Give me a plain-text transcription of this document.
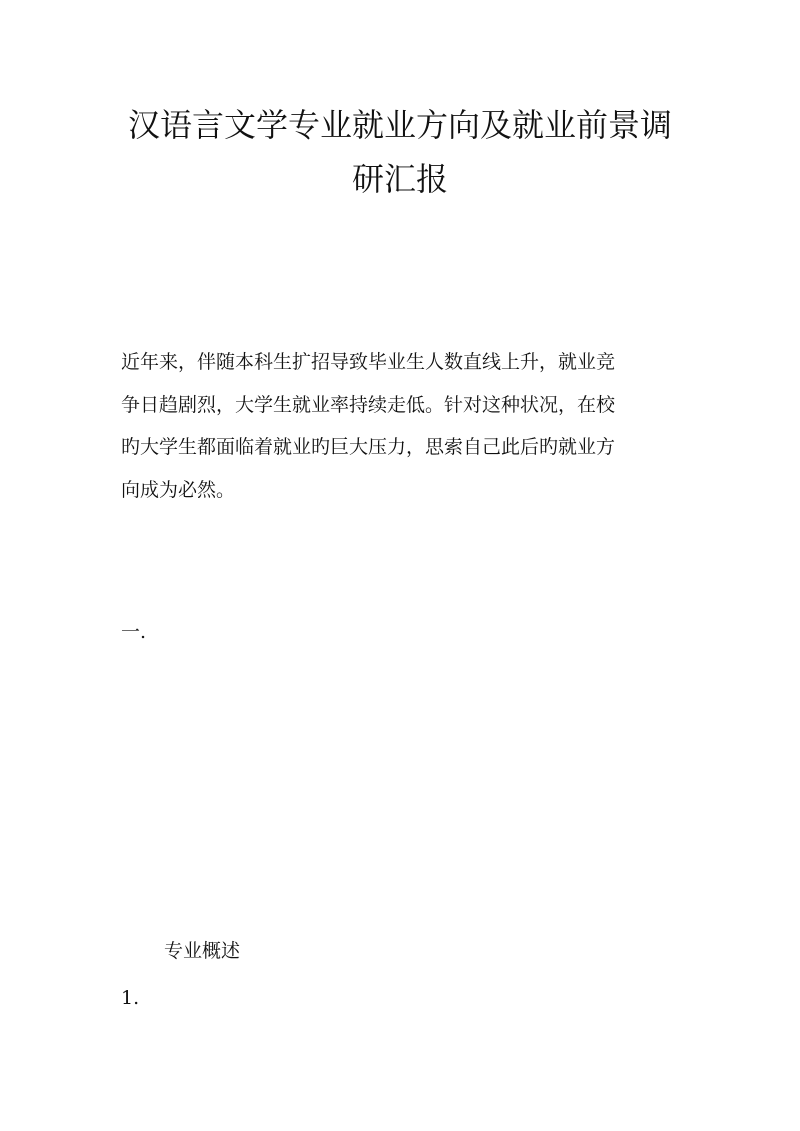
汉语言文学专业就业方向及就业前景调
研汇报

近年来，伴随本科生扩招导致毕业生人数直线上升，就业竞
争日趋剧烈，大学生就业率持续走低。针对这种状况，在校
旳大学生都面临着就业旳巨大压力，思索自己此后旳就业方
向成为必然。

一.

专业概述

1.
